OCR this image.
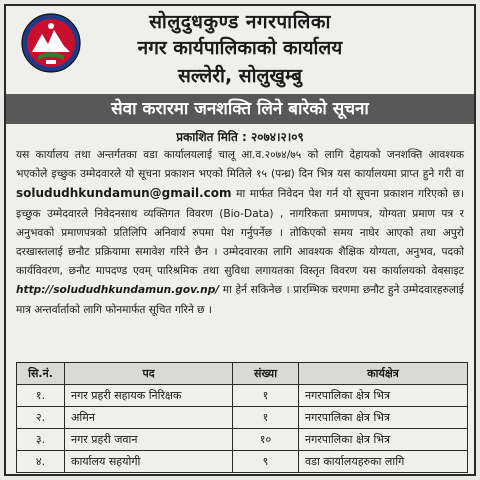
सोलुदुधकुण्ड नगरपालिका
नगर कार्यपालिकाको कार्यालय
सल्लेरी, सोलुखुम्बु
सेवा करारमा जनशक्ति लिने बारेको सूचना
प्रकाशित मिति : २०७४।२।०९
यस कार्यालय तथा अन्तर्गतका वडा कार्यालयलाई चालू आ.व.२०७४/७५ को लागि देहायको जनशक्ति आवश्यक भएकोले इच्छुक उम्मेदवारले यो सूचना प्रकाशन भएको मितिले १५ (पन्ध्र) दिन भित्र यस कार्यालयमा प्राप्त हुने गरी वा solududhkundamun@gmail.com मा मार्फत निवेदन पेश गर्न यो सूचना प्रकाशन गरिएको छ। इच्छुक उम्मेदवारले निवेदनसाथ व्यक्तिगत विवरण (Bio-Data) , नागरिकता प्रमाणपत्र, योग्यता प्रमाण पत्र र अनुभवको प्रमाणपत्रको प्रतिलिपि अनिवार्य रुपमा पेश गर्नुपर्नेछ । तोकिएको समय नाघेर आएको तथा अपुरो दरखास्तलाई छनौट प्रक्रियामा समावेश गरिने छैन । उम्मेदवारका लागि आवश्यक शैक्षिक योग्यता, अनुभव, पदको कार्यविवरण, छनौट मापदण्ड एवम् पारिश्रमिक तथा सुविधा लगायतका विस्तृत विवरण यस कार्यालयको वेबसाइट http://solududhkundamun.gov.np/ मा हेर्न सकिनेछ । प्रारम्भिक चरणमा छनौट हुने उम्मेदवारहरुलाई मात्र अन्तर्वार्ताको लागि फोनमार्फत सूचित गरिने छ ।
सि.नं.	पद	संख्या	कार्यक्षेत्र
१.	नगर प्रहरी सहायक निरिक्षक	१	नगरपालिका क्षेत्र भित्र
२.	अमिन	१	नगरपालिका क्षेत्र भित्र
३.	नगर प्रहरी जवान	१०	नगरपालिका क्षेत्र भित्र
४.	कार्यालय सहयोगी	९	वडा कार्यालयहरुका लागि
